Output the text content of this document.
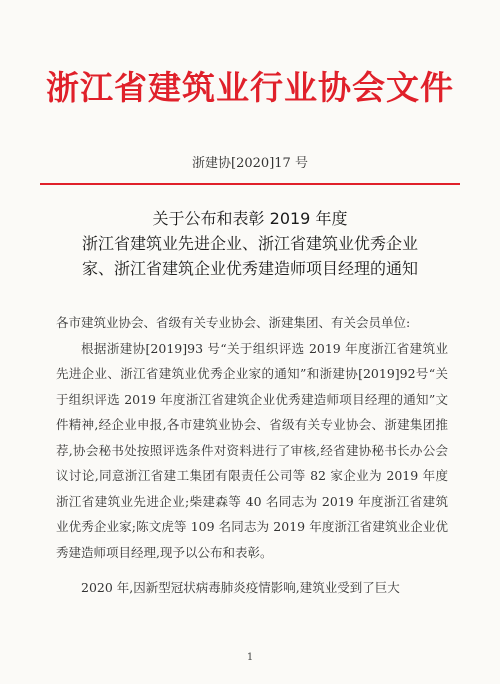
浙江省建筑业行业协会文件
浙建协[2020]17 号
关于公布和表彰 2019 年度
浙江省建筑业先进企业、浙江省建筑业优秀企业
家、浙江省建筑企业优秀建造师项目经理的通知

各市建筑业协会、省级有关专业协会、浙建集团、有关会员单位:

根据浙建协[2019]93 号“关于组织评选 2019 年度浙江省建筑业先进企业、浙江省建筑业优秀企业家的通知”和浙建协[2019]92号“关于组织评选 2019 年度浙江省建筑企业优秀建造师项目经理的通知”文件精神,经企业申报,各市建筑业协会、省级有关专业协会、浙建集团推荐,协会秘书处按照评选条件对资料进行了审核,经省建协秘书长办公会议讨论,同意浙江省建工集团有限责任公司等 82 家企业为 2019 年度浙江省建筑业先进企业;柴建森等 40 名同志为 2019 年度浙江省建筑业优秀企业家;陈文虎等 109 名同志为 2019 年度浙江省建筑业企业优秀建造师项目经理,现予以公布和表彰。

2020 年,因新型冠状病毒肺炎疫情影响,建筑业受到了巨大

1
